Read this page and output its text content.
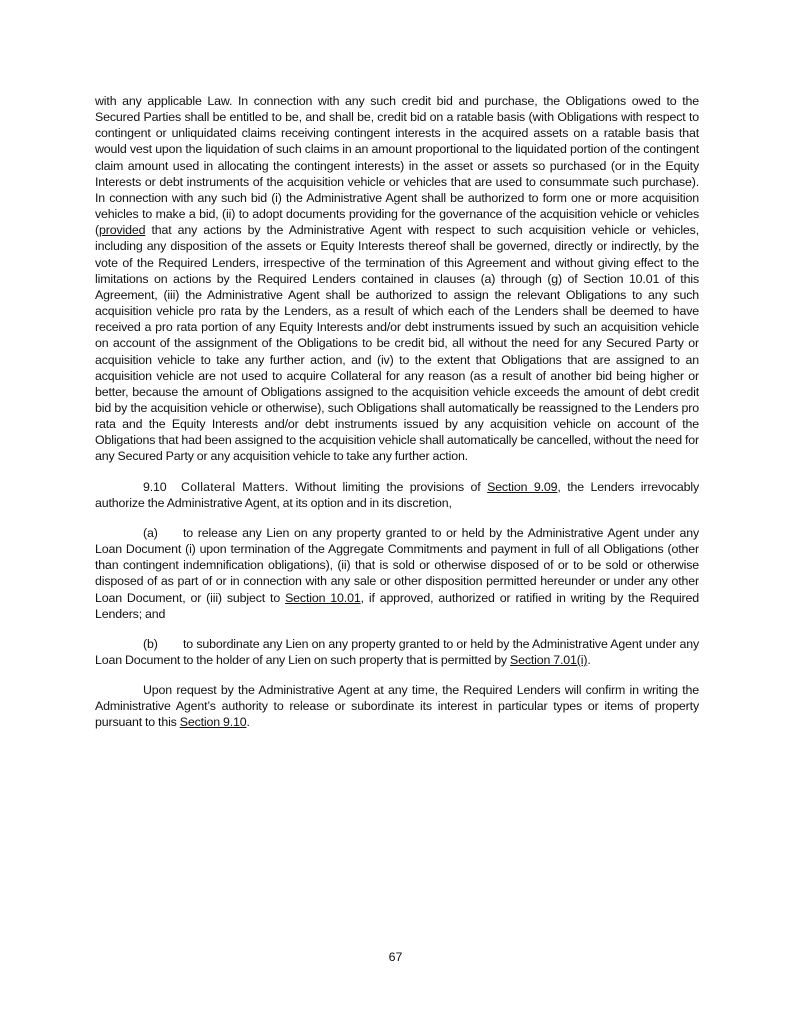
with any applicable Law. In connection with any such credit bid and purchase, the Obligations owed to the Secured Parties shall be entitled to be, and shall be, credit bid on a ratable basis (with Obligations with respect to contingent or unliquidated claims receiving contingent interests in the acquired assets on a ratable basis that would vest upon the liquidation of such claims in an amount proportional to the liquidated portion of the contingent claim amount used in allocating the contingent interests) in the asset or assets so purchased (or in the Equity Interests or debt instruments of the acquisition vehicle or vehicles that are used to consummate such purchase). In connection with any such bid (i) the Administrative Agent shall be authorized to form one or more acquisition vehicles to make a bid, (ii) to adopt documents providing for the governance of the acquisition vehicle or vehicles (provided that any actions by the Administrative Agent with respect to such acquisition vehicle or vehicles, including any disposition of the assets or Equity Interests thereof shall be governed, directly or indirectly, by the vote of the Required Lenders, irrespective of the termination of this Agreement and without giving effect to the limitations on actions by the Required Lenders contained in clauses (a) through (g) of Section 10.01 of this Agreement, (iii) the Administrative Agent shall be authorized to assign the relevant Obligations to any such acquisition vehicle pro rata by the Lenders, as a result of which each of the Lenders shall be deemed to have received a pro rata portion of any Equity Interests and/or debt instruments issued by such an acquisition vehicle on account of the assignment of the Obligations to be credit bid, all without the need for any Secured Party or acquisition vehicle to take any further action, and (iv) to the extent that Obligations that are assigned to an acquisition vehicle are not used to acquire Collateral for any reason (as a result of another bid being higher or better, because the amount of Obligations assigned to the acquisition vehicle exceeds the amount of debt credit bid by the acquisition vehicle or otherwise), such Obligations shall automatically be reassigned to the Lenders pro rata and the Equity Interests and/or debt instruments issued by any acquisition vehicle on account of the Obligations that had been assigned to the acquisition vehicle shall automatically be cancelled, without the need for any Secured Party or any acquisition vehicle to take any further action.

9.10 Collateral Matters. Without limiting the provisions of Section 9.09, the Lenders irrevocably authorize the Administrative Agent, at its option and in its discretion,

(a) to release any Lien on any property granted to or held by the Administrative Agent under any Loan Document (i) upon termination of the Aggregate Commitments and payment in full of all Obligations (other than contingent indemnification obligations), (ii) that is sold or otherwise disposed of or to be sold or otherwise disposed of as part of or in connection with any sale or other disposition permitted hereunder or under any other Loan Document, or (iii) subject to Section 10.01, if approved, authorized or ratified in writing by the Required Lenders; and

(b) to subordinate any Lien on any property granted to or held by the Administrative Agent under any Loan Document to the holder of any Lien on such property that is permitted by Section 7.01(i).

Upon request by the Administrative Agent at any time, the Required Lenders will confirm in writing the Administrative Agent’s authority to release or subordinate its interest in particular types or items of property pursuant to this Section 9.10.

67
